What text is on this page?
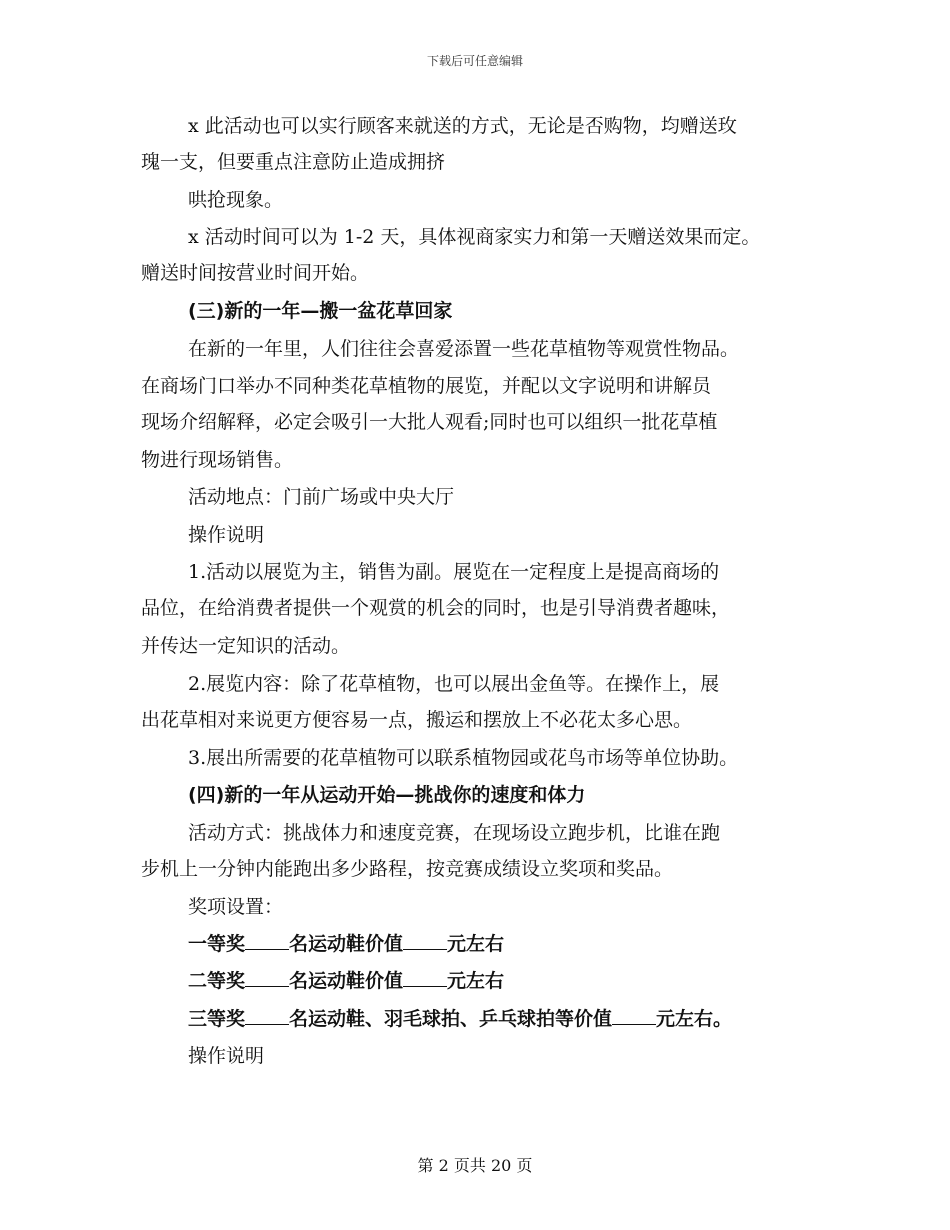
下载后可任意编辑
x 此活动也可以实行顾客来就送的方式，无论是否购物，均赠送玫
瑰一支，但要重点注意防止造成拥挤
哄抢现象。
x 活动时间可以为 1-2 天，具体视商家实力和第一天赠送效果而定。
赠送时间按营业时间开始。
(三)新的一年—搬一盆花草回家
在新的一年里，人们往往会喜爱添置一些花草植物等观赏性物品。
在商场门口举办不同种类花草植物的展览，并配以文字说明和讲解员
现场介绍解释，必定会吸引一大批人观看;同时也可以组织一批花草植
物进行现场销售。
活动地点：门前广场或中央大厅
操作说明
1.活动以展览为主，销售为副。展览在一定程度上是提高商场的
品位，在给消费者提供一个观赏的机会的同时，也是引导消费者趣味，
并传达一定知识的活动。
2.展览内容：除了花草植物，也可以展出金鱼等。在操作上，展
出花草相对来说更方便容易一点，搬运和摆放上不必花太多心思。
3.展出所需要的花草植物可以联系植物园或花鸟市场等单位协助。
(四)新的一年从运动开始—挑战你的速度和体力
活动方式：挑战体力和速度竞赛，在现场设立跑步机，比谁在跑
步机上一分钟内能跑出多少路程，按竞赛成绩设立奖项和奖品。
奖项设置：
一等奖 名运动鞋价值 元左右
二等奖 名运动鞋价值 元左右
三等奖 名运动鞋、羽毛球拍、乒乓球拍等价值 元左右。
操作说明
第 2 页共 20 页
